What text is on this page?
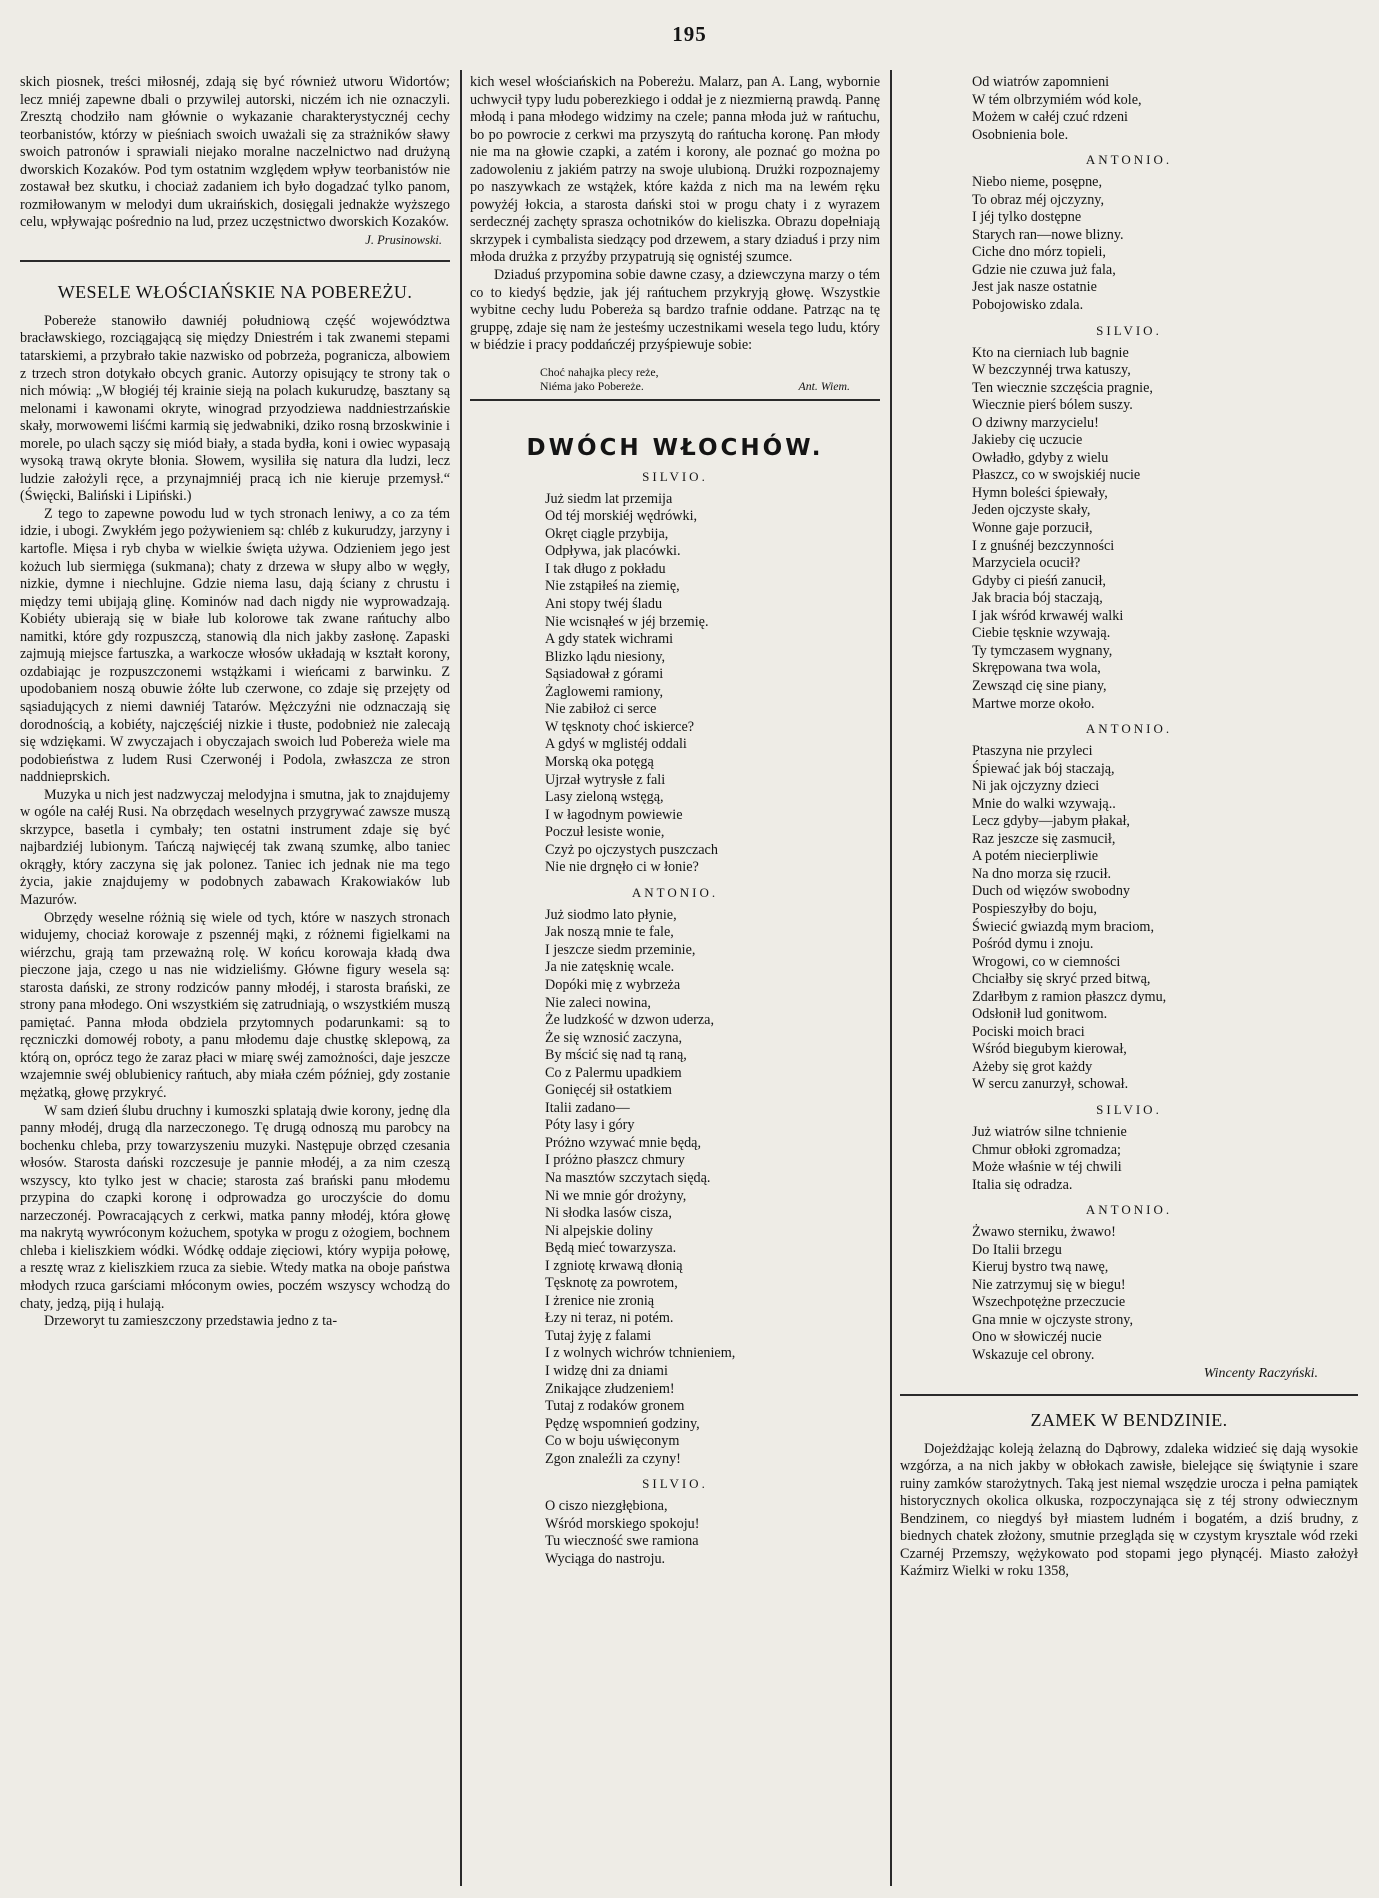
195

skich piosnek, treści miłosnéj, zdają się być również utworu Widortów; lecz mniéj zapewne dbali o przywilej autorski, niczém ich nie oznaczyli. Zresztą chodziło nam głównie o wykazanie charakterystycznéj cechy teorbanistów, którzy w pieśniach swoich uważali się za strażników sławy swoich patronów i sprawiali niejako moralne naczelnictwo nad drużyną dworskich Kozaków. Pod tym ostatnim względem wpływ teorbanistów nie zostawał bez skutku, i chociaż zadaniem ich było dogadzać tylko panom, rozmiłowanym w melodyi dum ukraińskich, dosięgali jednakże wyższego celu, wpływając pośrednio na lud, przez uczęstnictwo dworskich Kozaków.

J. Prusinowski.
WESELE WŁOŚCIAŃSKIE NA POBEREŻU.

Pobereże stanowiło dawniéj południową część województwa bracławskiego, rozciągającą się między Dniestrém i tak zwanemi stepami tatarskiemi, a przybrało takie nazwisko od pobrzeża, pogranicza, albowiem z trzech stron dotykało obcych granic. Autorzy opisujący te strony tak o nich mówią: „W błogiéj téj krainie sieją na polach kukurudzę, basztany są melonami i kawonami okryte, winograd przyodziewa naddniestrzańskie skały, morwowemi liśćmi karmią się jedwabniki, dziko rosną brzoskwinie i morele, po ulach sączy się miód biały, a stada bydła, koni i owiec wypasają wysoką trawą okryte błonia. Słowem, wysiliła się natura dla ludzi, lecz ludzie założyli ręce, a przynajmniéj pracą ich nie kieruje przemysł.“ (Święcki, Baliński i Lipiński.)

Z tego to zapewne powodu lud w tych stronach leniwy, a co za tém idzie, i ubogi. Zwykłém jego pożywieniem są: chléb z kukurudzy, jarzyny i kartofle. Mięsa i ryb chyba w wielkie święta używa. Odzieniem jego jest kożuch lub siermięga (sukmana); chaty z drzewa w słupy albo w węgły, nizkie, dymne i niechlujne. Gdzie niema lasu, dają ściany z chrustu i między temi ubijają glinę. Kominów nad dach nigdy nie wyprowadzają. Kobiéty ubierają się w białe lub kolorowe tak zwane rańtuchy albo namitki, które gdy rozpuszczą, stanowią dla nich jakby zasłonę. Zapaski zajmują miejsce fartuszka, a warkocze włosów układają w kształt korony, ozdabiając je rozpuszczonemi wstążkami i wieńcami z barwinku. Z upodobaniem noszą obuwie żółte lub czerwone, co zdaje się przejęty od sąsiadujących z niemi dawniéj Tatarów. Mężczyźni nie odznaczają się dorodnością, a kobiéty, najczęściéj nizkie i tłuste, podobnież nie zalecają się wdziękami. W zwyczajach i obyczajach swoich lud Pobereża wiele ma podobieństwa z ludem Rusi Czerwonéj i Podola, zwłaszcza ze stron naddnieprskich.

Muzyka u nich jest nadzwyczaj melodyjna i smutna, jak to znajdujemy w ogóle na całéj Rusi. Na obrzędach weselnych przygrywać zawsze muszą skrzypce, basetla i cymbały; ten ostatni instrument zdaje się być najbardziéj lubionym. Tańczą najwięcéj tak zwaną szumkę, albo taniec okrągły, który zaczyna się jak polonez. Taniec ich jednak nie ma tego życia, jakie znajdujemy w podobnych zabawach Krakowiaków lub Mazurów.

Obrzędy weselne różnią się wiele od tych, które w naszych stronach widujemy, chociaż korowaje z pszennéj mąki, z różnemi figielkami na wiérzchu, grają tam przeważną rolę. W końcu korowaja kładą dwa pieczone jaja, czego u nas nie widzieliśmy. Główne figury wesela są: starosta dański, ze strony rodziców panny młodéj, i starosta brański, ze strony pana młodego. Oni wszystkiém się zatrudniają, o wszystkiém muszą pamiętać. Panna młoda obdziela przytomnych podarunkami: są to ręczniczki domowéj roboty, a panu młodemu daje chustkę sklepową, za którą on, oprócz tego że zaraz płaci w miarę swéj zamożności, daje jeszcze wzajemnie swéj oblubienicy rańtuch, aby miała czém później, gdy zostanie mężatką, głowę przykryć.

W sam dzień ślubu druchny i kumoszki splatają dwie korony, jednę dla panny młodéj, drugą dla narzeczonego. Tę drugą odnoszą mu parobcy na bochenku chleba, przy towarzyszeniu muzyki. Następuje obrzęd czesania włosów. Starosta dański rozczesuje je pannie młodéj, a za nim czeszą wszyscy, kto tylko jest w chacie; starosta zaś brański panu młodemu przypina do czapki koronę i odprowadza go uroczyście do domu narzeczonéj. Powracających z cerkwi, matka panny młodéj, która głowę ma nakrytą wywróconym kożuchem, spotyka w progu z ożogiem, bochnem chleba i kieliszkiem wódki. Wódkę oddaje zięciowi, który wypija połowę, a resztę wraz z kieliszkiem rzuca za siebie. Wtedy matka na oboje państwa młodych rzuca garściami młóconym owies, poczém wszyscy wchodzą do chaty, jedzą, piją i hulają.

Drzeworyt tu zamieszczony przedstawia jedno z ta-

kich wesel włościańskich na Pobereżu. Malarz, pan A. Lang, wybornie uchwycił typy ludu poberezkiego i oddał je z niezmierną prawdą. Pannę młodą i pana młodego widzimy na czele; panna młoda już w rańtuchu, bo po powrocie z cerkwi ma przyszytą do rańtucha koronę. Pan młody nie ma na głowie czapki, a zatém i korony, ale poznać go można po zadowoleniu z jakiém patrzy na swoje ulubioną. Drużki rozpoznajemy po naszywkach ze wstążek, które każda z nich ma na lewém ręku powyżéj łokcia, a starosta dański stoi w progu chaty i z wyrazem serdecznéj zachęty sprasza ochotników do kieliszka. Obrazu dopełniają skrzypek i cymbalista siedzący pod drzewem, a stary dziaduś i przy nim młoda drużka z przyźby przypatrują się ognistéj szumce.

Dziaduś przypomina sobie dawne czasy, a dziewczyna marzy o tém co to kiedyś będzie, jak jéj rańtuchem przykryją głowę. Wszystkie wybitne cechy ludu Pobereża są bardzo trafnie oddane. Patrząc na tę gruppę, zdaje się nam że jesteśmy uczestnikami wesela tego ludu, który w biédzie i pracy poddańczéj przyśpiewuje sobie:

Choć nahajka plecy reże,
Niéma jako Pobereże.	Ant. Wiem.
DWÓCH WŁOCHÓW.
SILVIO.
Już siedm lat przemija
Od téj morskiéj wędrówki,
Okręt ciągle przybija,
Odpływa, jak placówki.
I tak długo z pokładu
Nie zstąpiłeś na ziemię,
Ani stopy twéj śladu
Nie wcisnąłeś w jéj brzemię.
A gdy statek wichrami
Blizko lądu niesiony,
Sąsiadował z górami
Żaglowemi ramiony,
Nie zabiłoż ci serce
W tęsknoty choć iskierce?
A gdyś w mglistéj oddali
Morską oka potęgą
Ujrzał wytrysłe z fali
Lasy zieloną wstęgą,
I w łagodnym powiewie
Poczuł lesiste wonie,
Czyż po ojczystych puszczach
Nie nie drgnęło ci w łonie?
ANTONIO.
Już siodmo lato płynie,
Jak noszą mnie te fale,
I jeszcze siedm przeminie,
Ja nie zatęsknię wcale.
Dopóki mię z wybrzeża
Nie zaleci nowina,
Że ludzkość w dzwon uderza,
Że się wznosić zaczyna,
By mścić się nad tą raną,
Co z Palermu upadkiem
Gonięcéj sił ostatkiem
Italii zadano—
Póty lasy i góry
Próżno wzywać mnie będą,
I próżno płaszcz chmury
Na masztów szczytach siędą.
Ni we mnie gór drożyny,
Ni słodka lasów cisza,
Ni alpejskie doliny
Będą mieć towarzysza.
I zgniotę krwawą dłonią
Tęsknotę za powrotem,
I żrenice nie zronią
Łzy ni teraz, ni potém.
Tutaj żyję z falami
I z wolnych wichrów tchnieniem,
I widzę dni za dniami
Znikające złudzeniem!
Tutaj z rodaków gronem
Pędzę wspomnień godziny,
Co w boju uświęconym
Zgon znaleźli za czyny!
SILVIO.
O ciszo niezgłębiona,
Wśród morskiego spokoju!
Tu wieczność swe ramiona
Wyciąga do nastroju.
Od wiatrów zapomnieni
W tém olbrzymiém wód kole,
Możem w całéj czuć rdzeni
Osobnienia bole.
ANTONIO.
Niebo nieme, posępne,
To obraz méj ojczyzny,
I jéj tylko dostępne
Starych ran—nowe blizny.
Ciche dno mórz topieli,
Gdzie nie czuwa już fala,
Jest jak nasze ostatnie
Pobojowisko zdala.
SILVIO.
Kto na cierniach lub bagnie
W bezczynnéj trwa katuszy,
Ten wiecznie szczęścia pragnie,
Wiecznie pierś bólem suszy.
O dziwny marzycielu!
Jakieby cię uczucie
Owładło, gdyby z wielu
Płaszcz, co w swojskiéj nucie
Hymn boleści śpiewały,
Jeden ojczyste skały,
Wonne gaje porzucił,
I z gnuśnéj bezczynności
Marzyciela ocucił?
Gdyby ci pieśń zanucił,
Jak bracia bój staczają,
I jak wśród krwawéj walki
Ciebie tęsknie wzywają.
Ty tymczasem wygnany,
Skrępowana twa wola,
Zewsząd cię sine piany,
Martwe morze około.
ANTONIO.
Ptaszyna nie przyleci
Śpiewać jak bój staczają,
Ni jak ojczyzny dzieci
Mnie do walki wzywają..
Lecz gdyby—jabym płakał,
Raz jeszcze się zasmucił,
A potém niecierpliwie
Na dno morza się rzucił.
Duch od więzów swobodny
Pospieszyłby do boju,
Świecić gwiazdą mym braciom,
Pośród dymu i znoju.
Wrogowi, co w ciemności
Chciałby się skryć przed bitwą,
Zdarłbym z ramion płaszcz dymu,
Odsłonił lud gonitwom.
Pociski moich braci
Wśród biegubym kierował,
Ażeby się grot każdy
W sercu zanurzył, schował.
SILVIO.
Już wiatrów silne tchnienie
Chmur obłoki zgromadza;
Może właśnie w téj chwili
Italia się odradza.
ANTONIO.
Żwawo sterniku, żwawo!
Do Italii brzegu
Kieruj bystro twą nawę,
Nie zatrzymuj się w biegu!
Wszechpotężne przeczucie
Gna mnie w ojczyste strony,
Ono w słowiczéj nucie
Wskazuje cel obrony.
Wincenty Raczyński.
ZAMEK W BENDZINIE.

Dojeżdżając koleją żelazną do Dąbrowy, zdaleka widzieć się dają wysokie wzgórza, a na nich jakby w obłokach zawisłe, bielejące się świątynie i szare ruiny zamków starożytnych. Taką jest niemal wszędzie urocza i pełna pamiątek historycznych okolica olkuska, rozpoczynająca się z téj strony odwiecznym Bendzinem, co niegdyś był miastem ludném i bogatém, a dziś brudny, z biednych chatek złożony, smutnie przegląda się w czystym krysztale wód rzeki Czarnéj Przemszy, wężykowato pod stopami jego płynącéj. Miasto założył Kaźmirz Wielki w roku 1358,
